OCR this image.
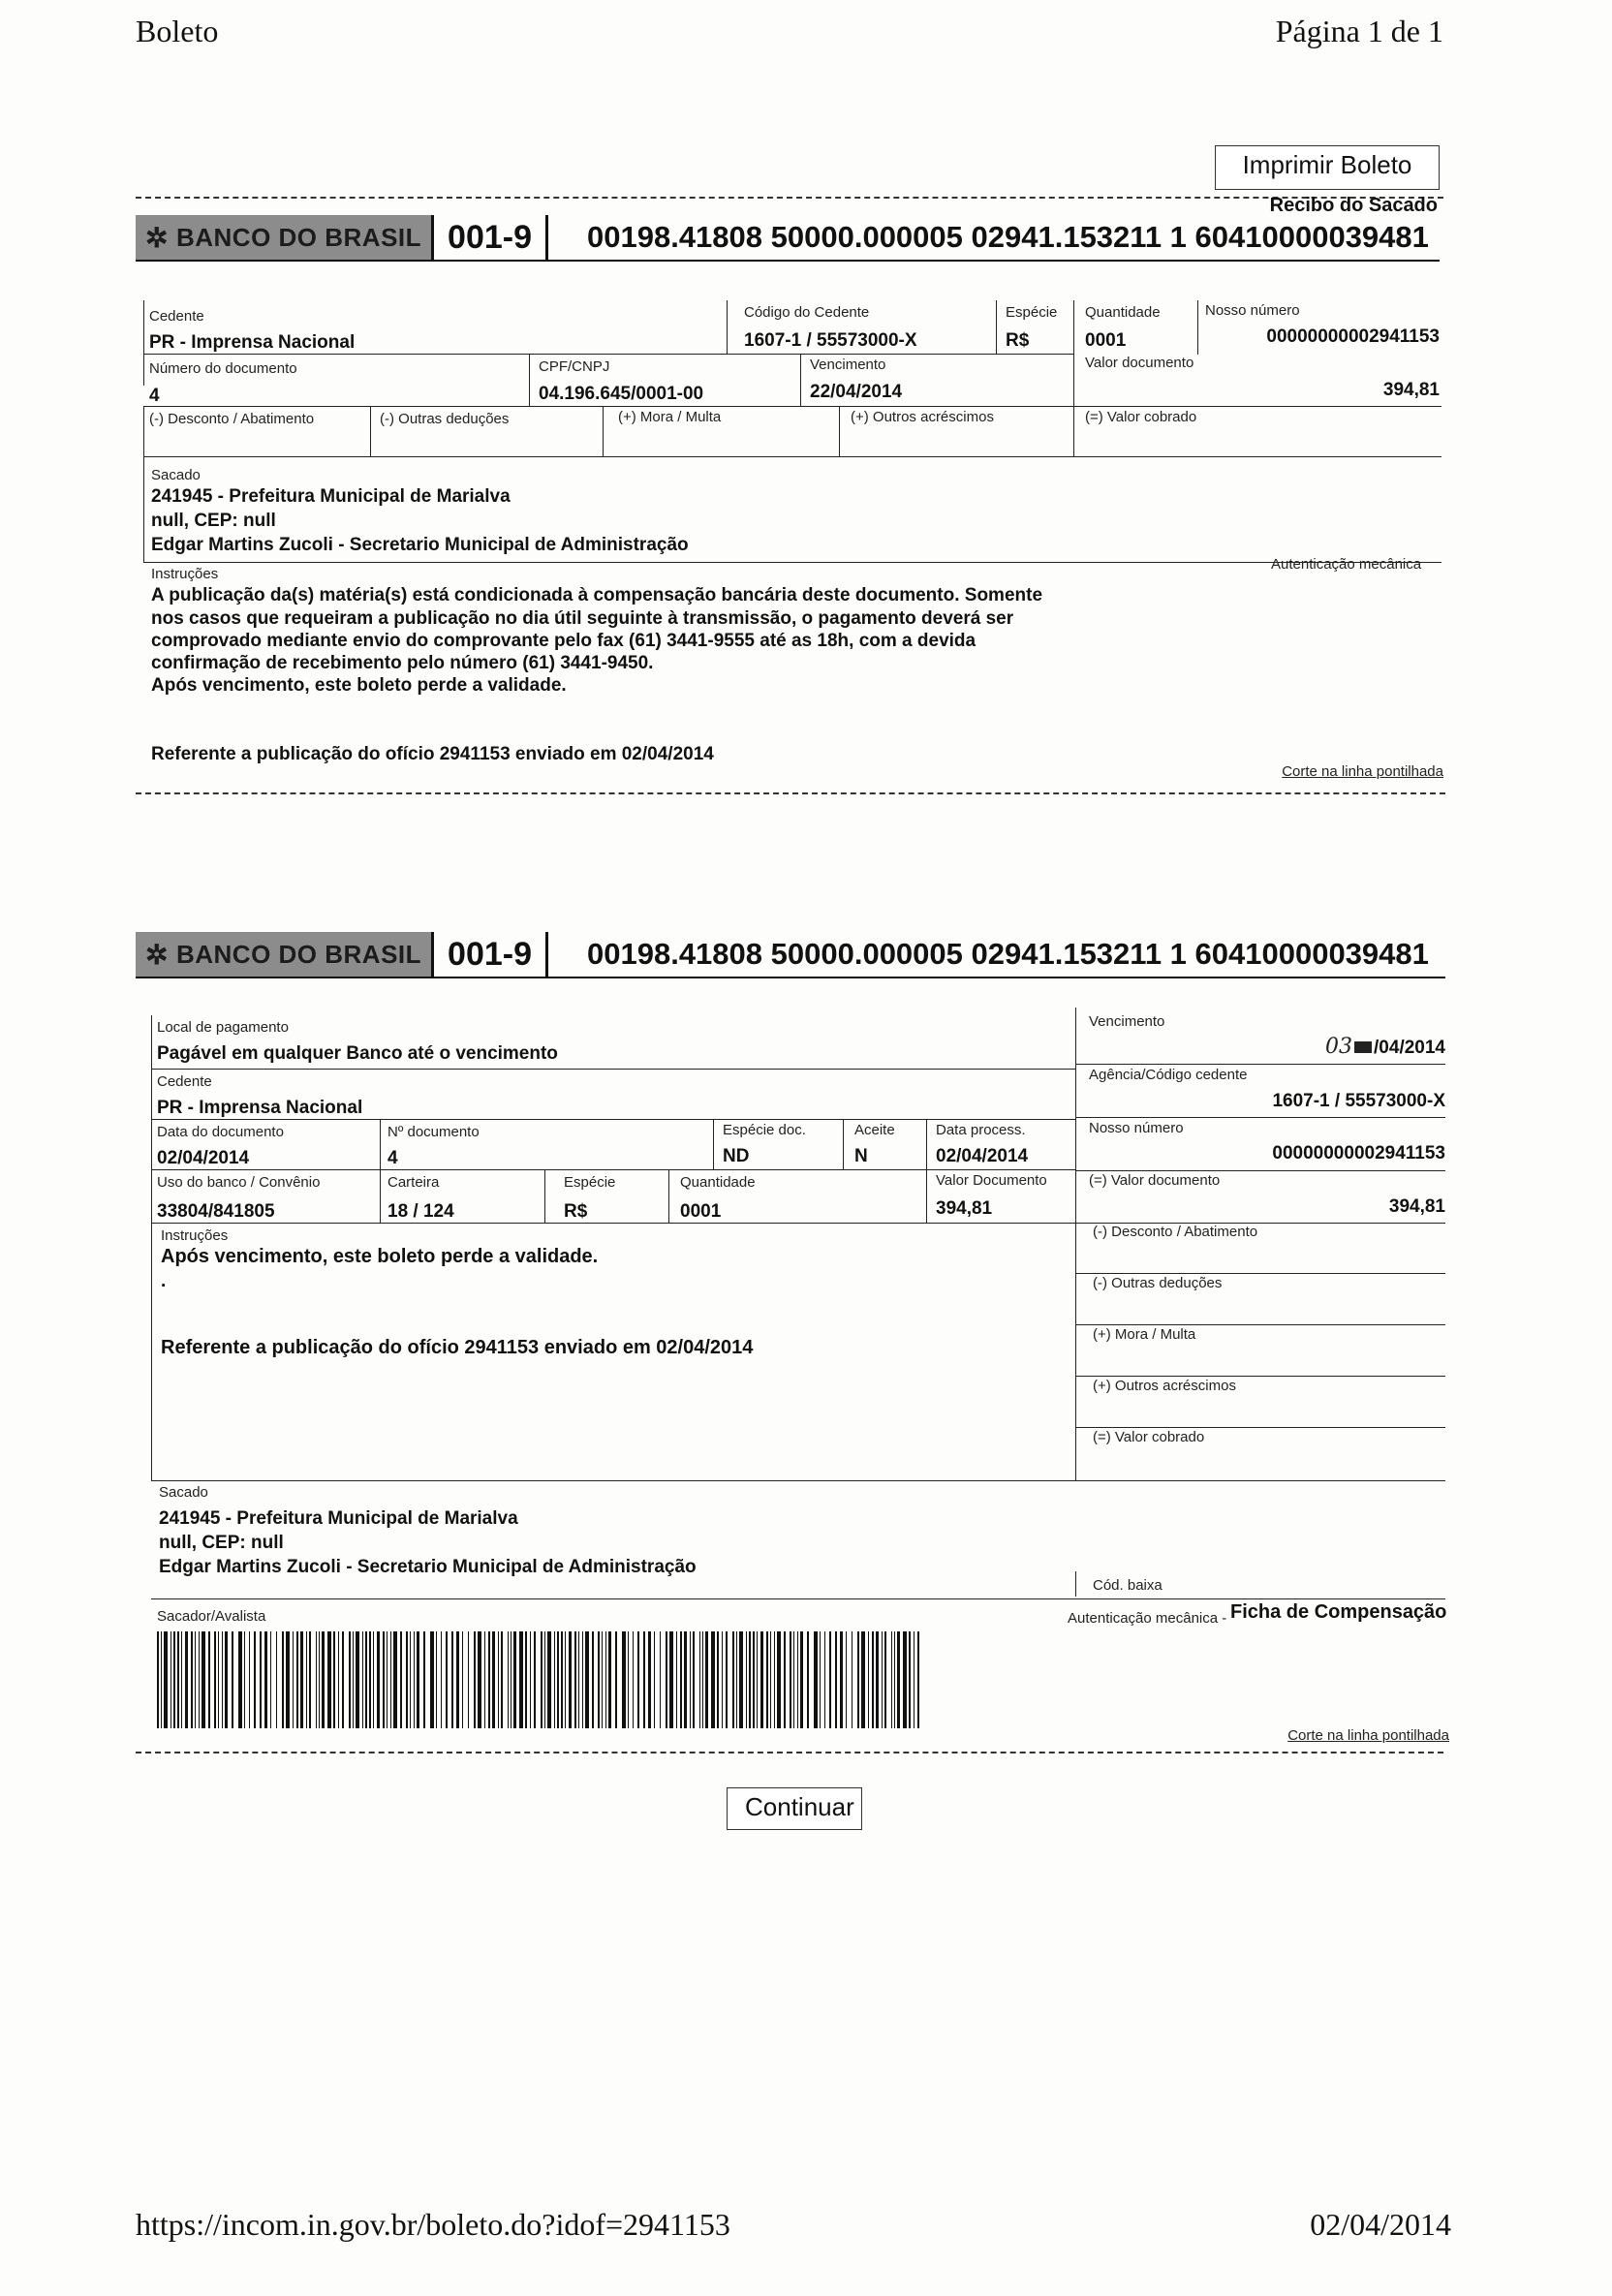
Boleto	Página 1 de 1
Imprimir Boleto
Recibo do Sacado
✲ BANCO DO BRASIL 001-9	00198.41808 50000.000005 02941.153211 1 60410000039481
Cedente
PR - Imprensa Nacional
Código do Cedente
1607-1 / 55573000-X
Espécie
R$
Quantidade
0001
Nosso número
00000000002941153
Número do documento
4
CPF/CNPJ
04.196.645/0001-00
Vencimento
22/04/2014
Valor documento
394,81
(-) Desconto / Abatimento	(-) Outras deduções	(+) Mora / Multa	(+) Outros acréscimos	(=) Valor cobrado
Sacado
241945 - Prefeitura Municipal de Marialva
null, CEP: null
Edgar Martins Zucoli - Secretario Municipal de Administração
Instruções
Autenticação mecânica
A publicação da(s) matéria(s) está condicionada à compensação bancária deste documento. Somente
nos casos que requeiram a publicação no dia útil seguinte à transmissão, o pagamento deverá ser
comprovado mediante envio do comprovante pelo fax (61) 3441-9555 até as 18h, com a devida
confirmação de recebimento pelo número (61) 3441-9450.
Após vencimento, este boleto perde a validade.
Referente a publicação do ofício 2941153 enviado em 02/04/2014
Corte na linha pontilhada
✲ BANCO DO BRASIL 001-9	00198.41808 50000.000005 02941.153211 1 60410000039481
Local de pagamento
Pagável em qualquer Banco até o vencimento
Vencimento
03 /04/2014
Cedente
PR - Imprensa Nacional
Agência/Código cedente
1607-1 / 55573000-X
Data do documento
02/04/2014
Nº documento
4
Espécie doc.
ND
Aceite
N
Data process.
02/04/2014
Nosso número
00000000002941153
Uso do banco / Convênio
33804/841805
Carteira
18 / 124
Espécie
R$
Quantidade
0001
Valor Documento
394,81
(=) Valor documento
394,81
Instruções
Após vencimento, este boleto perde a validade.
.
Referente a publicação do ofício 2941153 enviado em 02/04/2014
(-) Desconto / Abatimento
(-) Outras deduções
(+) Mora / Multa
(+) Outros acréscimos
(=) Valor cobrado
Sacado
241945 - Prefeitura Municipal de Marialva
null, CEP: null
Edgar Martins Zucoli - Secretario Municipal de Administração
Cód. baixa
Sacador/Avalista	Autenticação mecânica - Ficha de Compensação
Corte na linha pontilhada
Continuar
https://incom.in.gov.br/boleto.do?idof=2941153	02/04/2014
